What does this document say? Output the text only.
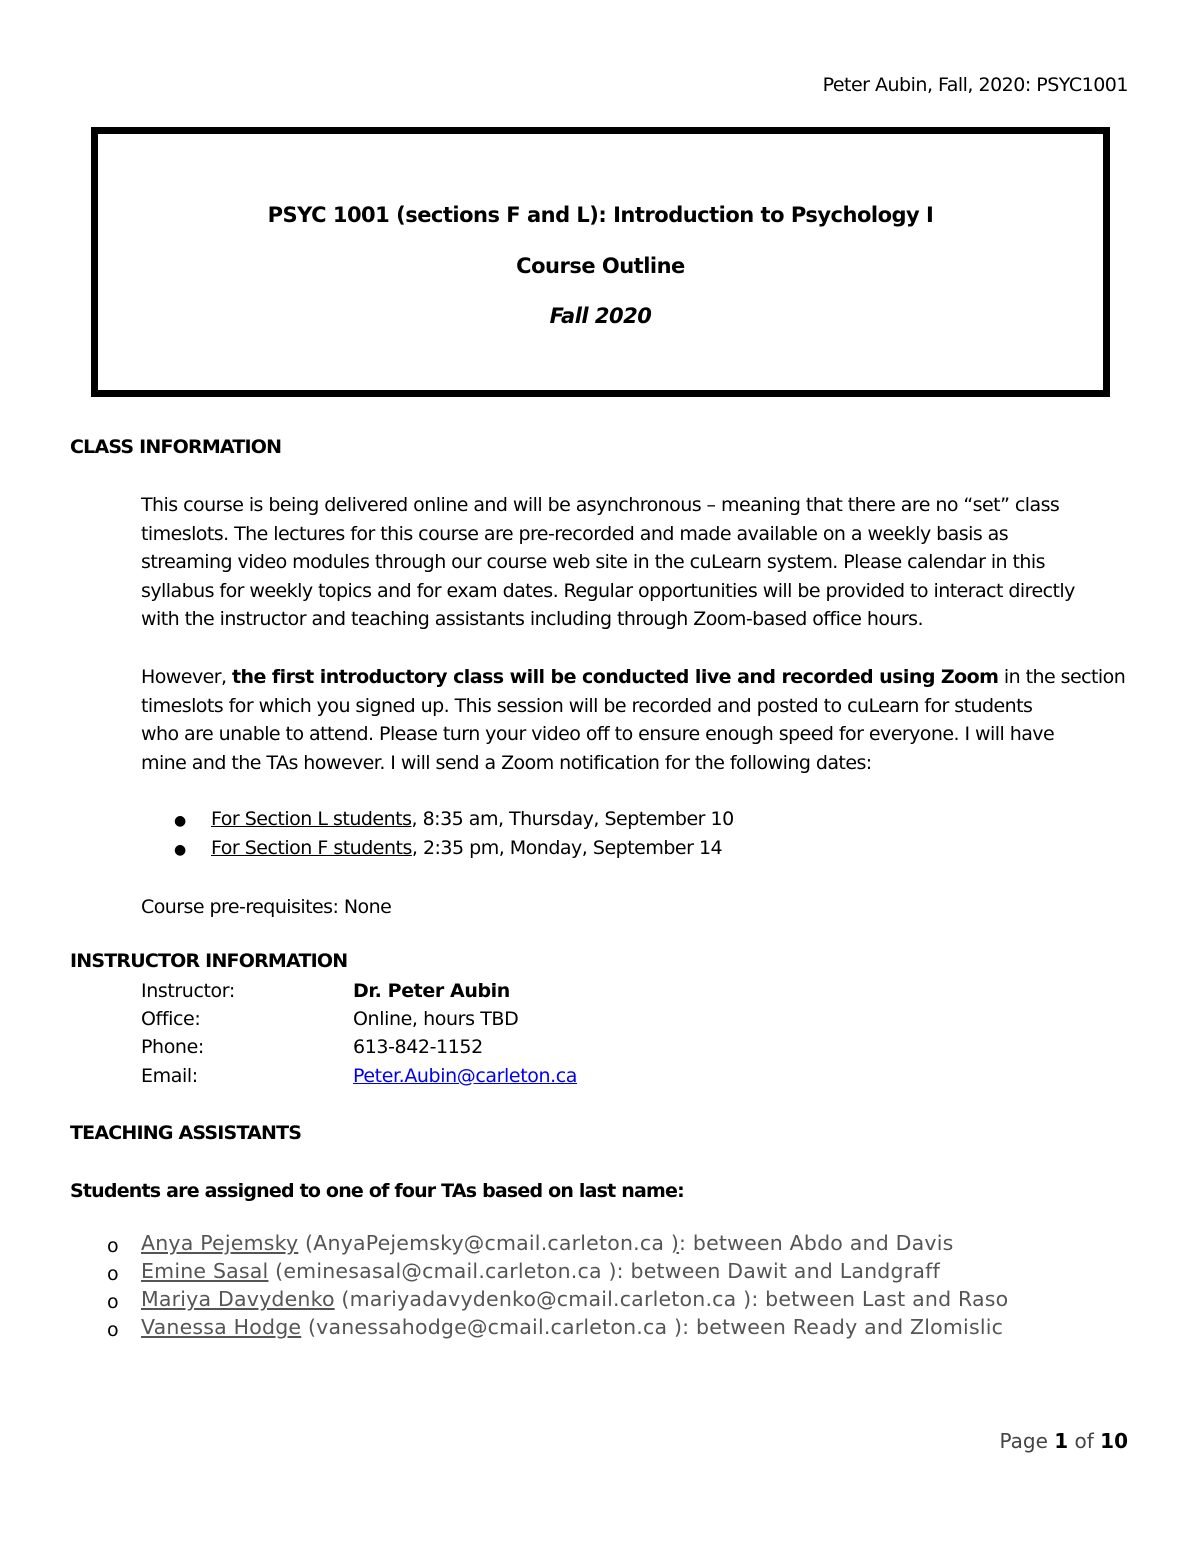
Peter Aubin, Fall, 2020: PSYC1001
PSYC 1001 (sections F and L): Introduction to Psychology I
Course Outline
Fall 2020
CLASS INFORMATION
This course is being delivered online and will be asynchronous – meaning that there are no “set” class
timeslots. The lectures for this course are pre-recorded and made available on a weekly basis as
streaming video modules through our course web site in the cuLearn system. Please calendar in this
syllabus for weekly topics and for exam dates. Regular opportunities will be provided to interact directly
with the instructor and teaching assistants including through Zoom-based office hours.
However, the first introductory class will be conducted live and recorded using Zoom in the section
timeslots for which you signed up. This session will be recorded and posted to cuLearn for students
who are unable to attend. Please turn your video off to ensure enough speed for everyone. I will have
mine and the TAs however. I will send a Zoom notification for the following dates:
● For Section L students, 8:35 am, Thursday, September 10
● For Section F students, 2:35 pm, Monday, September 14
Course pre-requisites: None
INSTRUCTOR INFORMATION
Instructor:	Dr. Peter Aubin
Office:	Online, hours TBD
Phone:	613-842-1152
Email:	Peter.Aubin@carleton.ca
TEACHING ASSISTANTS
Students are assigned to one of four TAs based on last name:
o Anya Pejemsky (AnyaPejemsky@cmail.carleton.ca ): between Abdo and Davis
o Emine Sasal (eminesasal@cmail.carleton.ca ): between Dawit and Landgraff
o Mariya Davydenko (mariyadavydenko@cmail.carleton.ca ): between Last and Raso
o Vanessa Hodge (vanessahodge@cmail.carleton.ca ): between Ready and Zlomislic
Page 1 of 10
